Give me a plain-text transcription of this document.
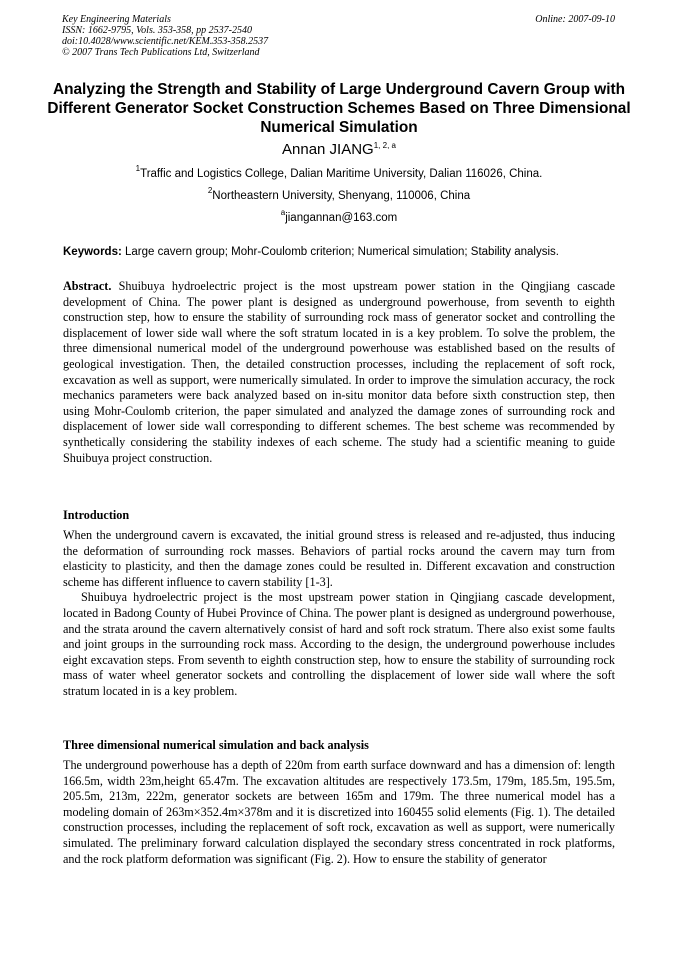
Key Engineering Materials
ISSN: 1662-9795, Vols. 353-358, pp 2537-2540
doi:10.4028/www.scientific.net/KEM.353-358.2537
© 2007 Trans Tech Publications Ltd, Switzerland
Online: 2007-09-10
Analyzing the Strength and Stability of Large Underground Cavern Group with Different Generator Socket Construction Schemes Based on Three Dimensional Numerical Simulation
Annan JIANG$^{1, 2, a}$
$^1$Traffic and Logistics College, Dalian Maritime University, Dalian 116026, China.
$^2$Northeastern University, Shenyang, 110006, China
$^a$jiangannan@163.com
Keywords: Large cavern group; Mohr-Coulomb criterion; Numerical simulation; Stability analysis.

Abstract. Shuibuya hydroelectric project is the most upstream power station in the Qingjiang cascade development of China. The power plant is designed as underground powerhouse, from seventh to eighth construction step, how to ensure the stability of surrounding rock mass of generator socket and controlling the displacement of lower side wall where the soft stratum located in is a key problem. To solve the problem, the three dimensional numerical model of the underground powerhouse was established based on the results of geological investigation. Then, the detailed construction processes, including the replacement of soft rock, excavation as well as support, were numerically simulated. In order to improve the simulation accuracy, the rock mechanics parameters were back analyzed based on in-situ monitor data before sixth construction step, then using Mohr-Coulomb criterion, the paper simulated and analyzed the damage zones of surrounding rock and displacement of lower side wall corresponding to different schemes. The best scheme was recommended by synthetically considering the stability indexes of each scheme. The study had a scientific meaning to guide Shuibuya project construction.

Introduction

When the underground cavern is excavated, the initial ground stress is released and re-adjusted, thus inducing the deformation of surrounding rock masses. Behaviors of partial rocks around the cavern may turn from elasticity to plasticity, and then the damage zones could be resulted in. Different excavation and construction scheme has different influence to cavern stability [1-3].

Shuibuya hydroelectric project is the most upstream power station in Qingjiang cascade development, located in Badong County of Hubei Province of China. The power plant is designed as underground powerhouse, and the strata around the cavern alternatively consist of hard and soft rock stratum. There also exist some faults and joint groups in the surrounding rock mass. According to the design, the underground powerhouse includes eight excavation steps. From seventh to eighth construction step, how to ensure the stability of surrounding rock mass of water wheel generator sockets and controlling the displacement of lower side wall where the soft stratum located in is a key problem.

Three dimensional numerical simulation and back analysis

The underground powerhouse has a depth of 220m from earth surface downward and has a dimension of: length 166.5m, width 23m,height 65.47m. The excavation altitudes are respectively 173.5m, 179m, 185.5m, 195.5m, 205.5m, 213m, 222m, generator sockets are between 165m and 179m. The three numerical model has a modeling domain of 263m×352.4m×378m and it is discretized into 160455 solid elements (Fig. 1). The detailed construction processes, including the replacement of soft rock, excavation as well as support, were numerically simulated. The preliminary forward calculation displayed the secondary stress concentrated in rock platforms, and the rock platform deformation was significant (Fig. 2). How to ensure the stability of generator
